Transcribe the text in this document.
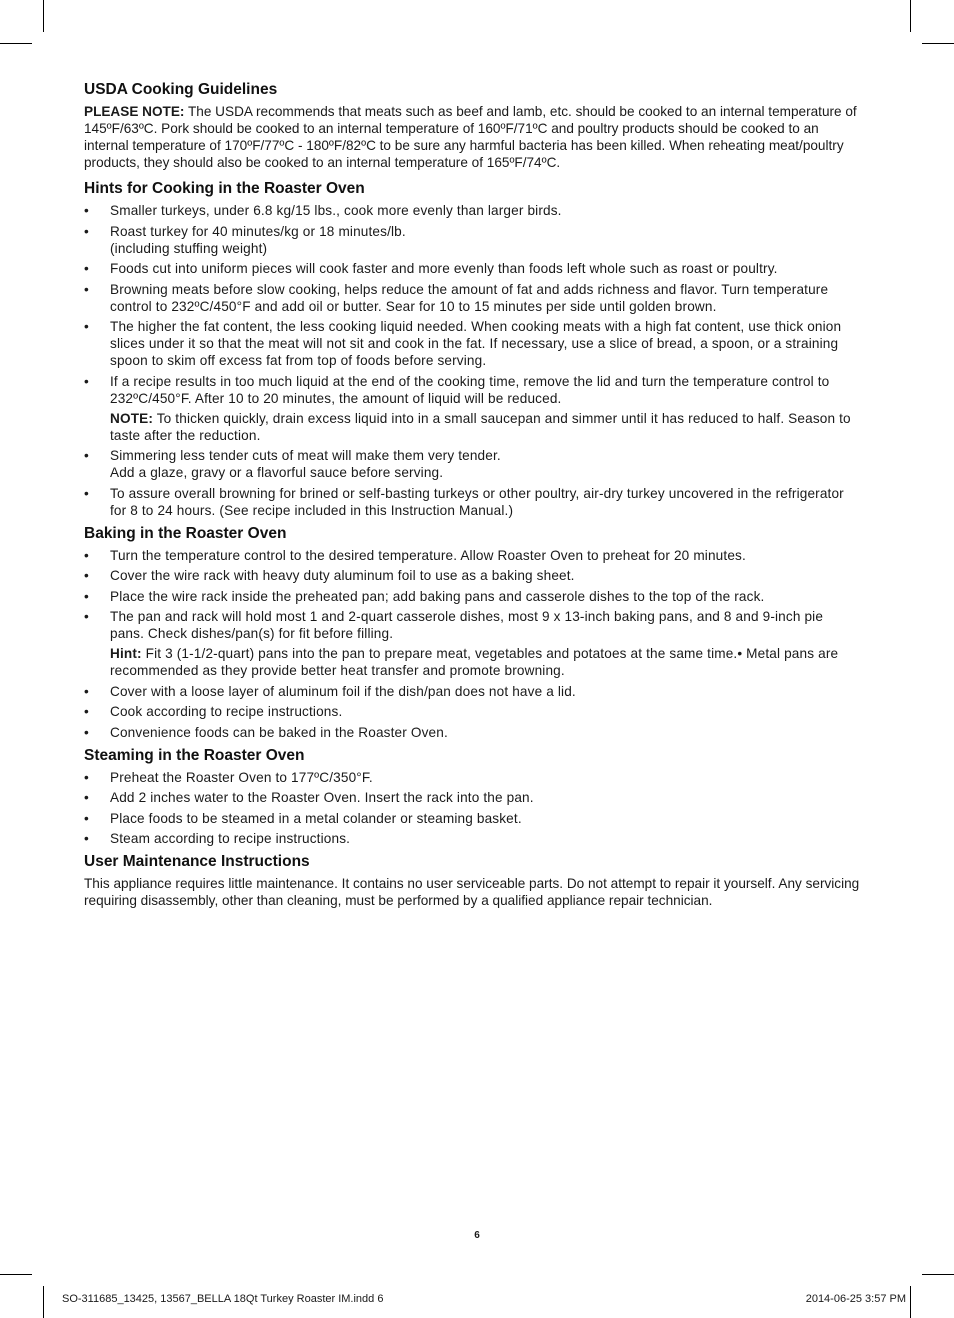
USDA Cooking Guidelines

PLEASE NOTE: The USDA recommends that meats such as beef and lamb, etc. should be cooked to an internal temperature of 145ºF/63ºC. Pork should be cooked to an internal temperature of 160ºF/71ºC and poultry products should be cooked to an internal temperature of 170ºF/77ºC - 180ºF/82ºC to be sure any harmful bacteria has been killed. When reheating meat/poultry products, they should also be cooked to an internal temperature of 165ºF/74ºC.

Hints for Cooking in the Roaster Oven
• Smaller turkeys, under 6.8 kg/15 lbs., cook more evenly than larger birds.
• Roast turkey for 40 minutes/kg or 18 minutes/lb.
(including stuffing weight)
• Foods cut into uniform pieces will cook faster and more evenly than foods left whole such as roast or poultry.
• Browning meats before slow cooking, helps reduce the amount of fat and adds richness and flavor. Turn temperature control to 232ºC/450°F and add oil or butter. Sear for 10 to 15 minutes per side until golden brown.
• The higher the fat content, the less cooking liquid needed. When cooking meats with a high fat content, use thick onion slices under it so that the meat will not sit and cook in the fat. If necessary, use a slice of bread, a spoon, or a straining spoon to skim off excess fat from top of foods before serving.
• If a recipe results in too much liquid at the end of the cooking time, remove the lid and turn the temperature control to 232ºC/450°F. After 10 to 20 minutes, the amount of liquid will be reduced.
NOTE: To thicken quickly, drain excess liquid into in a small saucepan and simmer until it has reduced to half. Season to taste after the reduction.
• Simmering less tender cuts of meat will make them very tender.
Add a glaze, gravy or a flavorful sauce before serving.
• To assure overall browning for brined or self-basting turkeys or other poultry, air-dry turkey uncovered in the refrigerator for 8 to 24 hours. (See recipe included in this Instruction Manual.)
Baking in the Roaster Oven
• Turn the temperature control to the desired temperature. Allow Roaster Oven to preheat for 20 minutes.
• Cover the wire rack with heavy duty aluminum foil to use as a baking sheet.
• Place the wire rack inside the preheated pan; add baking pans and casserole dishes to the top of the rack.
• The pan and rack will hold most 1 and 2-quart casserole dishes, most 9 x 13-inch baking pans, and 8 and 9-inch pie pans. Check dishes/pan(s) for fit before filling.
Hint: Fit 3 (1-1/2-quart) pans into the pan to prepare meat, vegetables and potatoes at the same time.• Metal pans are recommended as they provide better heat transfer and promote browning.
• Cover with a loose layer of aluminum foil if the dish/pan does not have a lid.
• Cook according to recipe instructions.
• Convenience foods can be baked in the Roaster Oven.
Steaming in the Roaster Oven
• Preheat the Roaster Oven to 177ºC/350°F.
• Add 2 inches water to the Roaster Oven. Insert the rack into the pan.
• Place foods to be steamed in a metal colander or steaming basket.
• Steam according to recipe instructions.
User Maintenance Instructions

This appliance requires little maintenance. It contains no user serviceable parts. Do not attempt to repair it yourself. Any servicing requiring disassembly, other than cleaning, must be performed by a qualified appliance repair technician.

6
SO-311685_13425, 13567_BELLA 18Qt Turkey Roaster IM.indd 6	2014-06-25 3:57 PM
